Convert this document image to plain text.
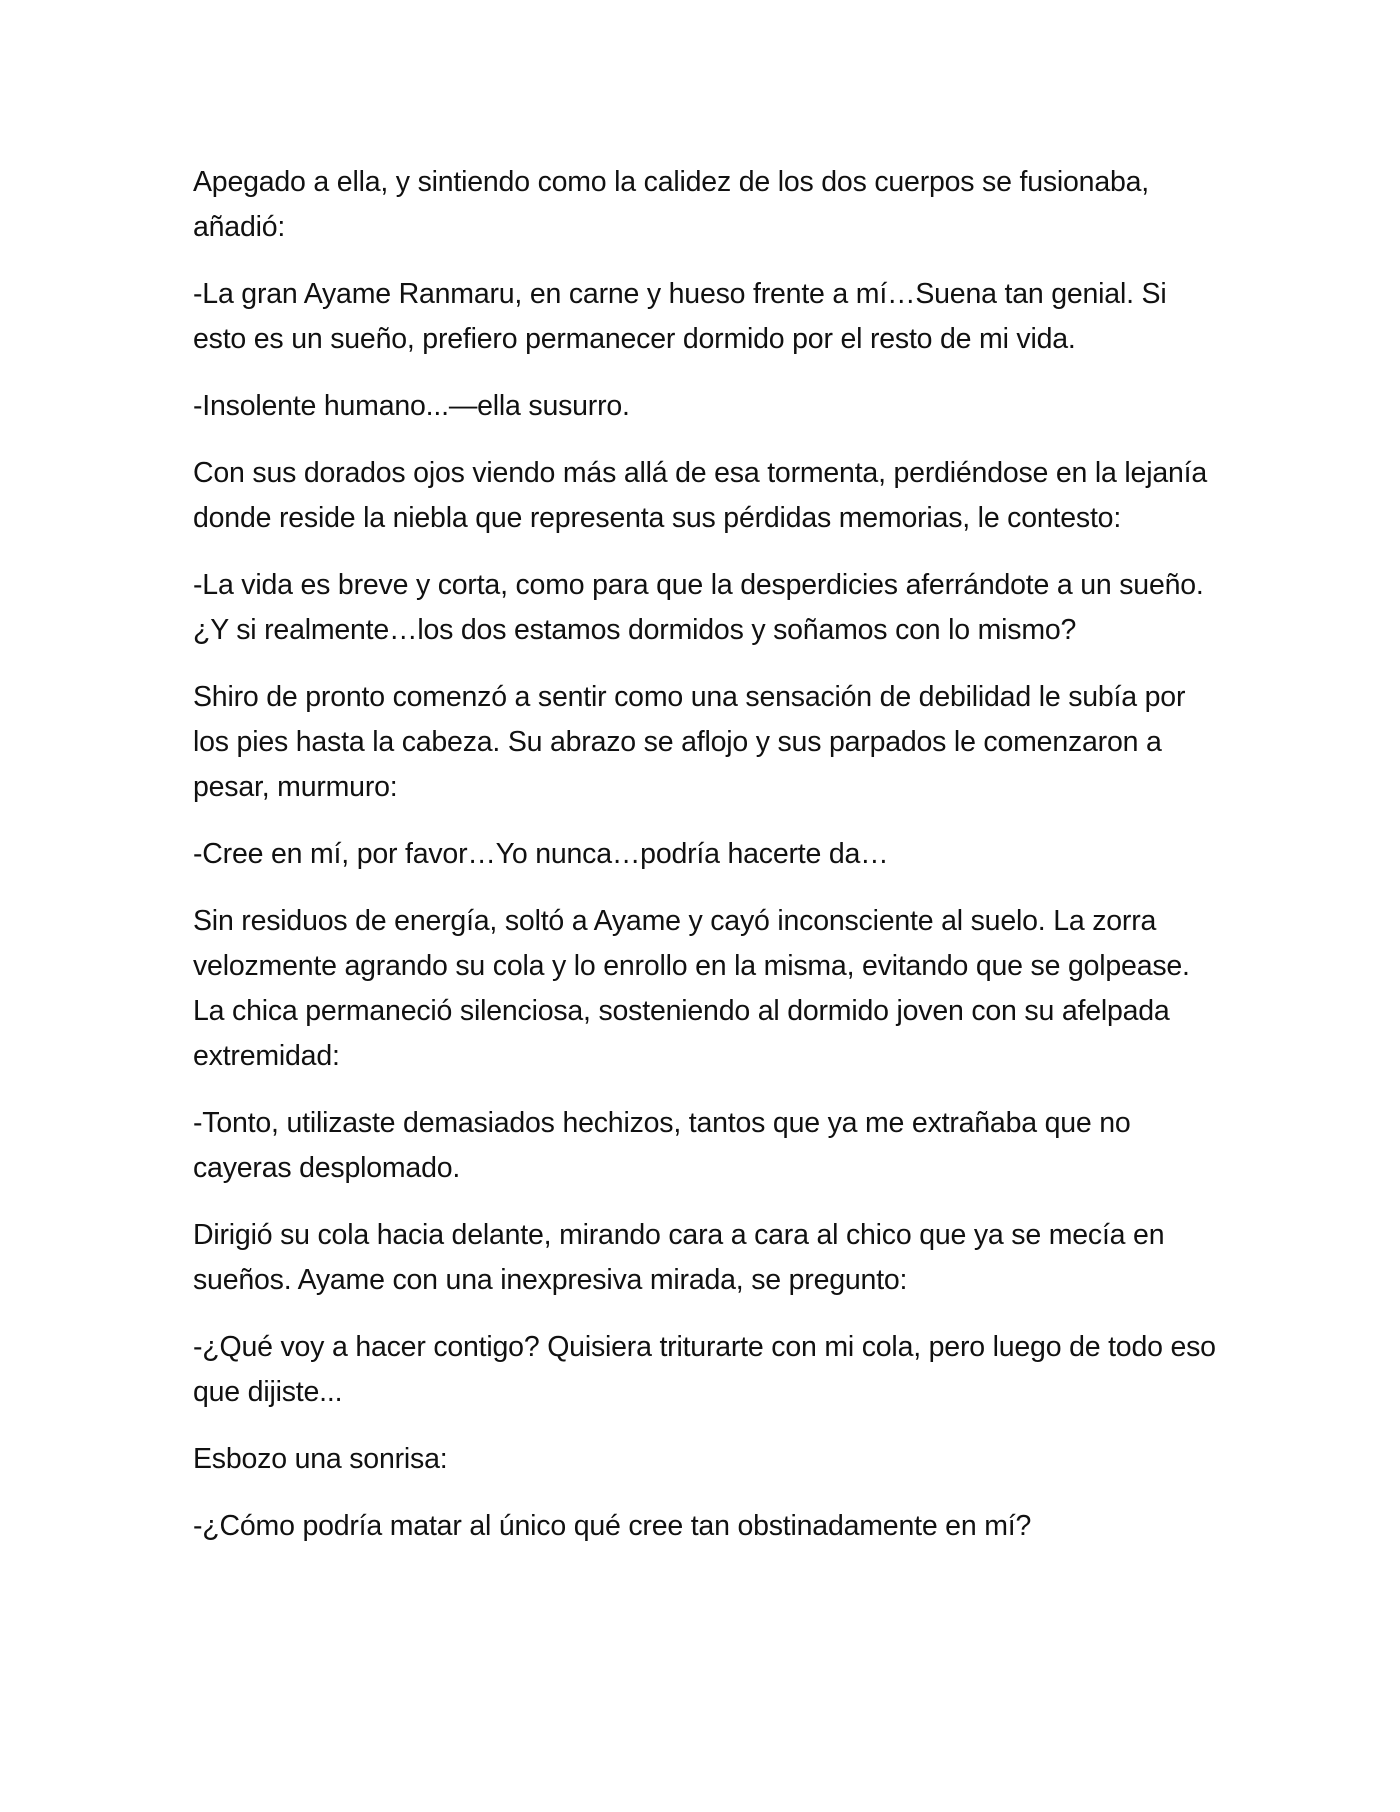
Apegado a ella, y sintiendo como la calidez de los dos cuerpos se fusionaba, añadió:

-La gran Ayame Ranmaru, en carne y hueso frente a mí…Suena tan genial. Si esto es un sueño, prefiero permanecer dormido por el resto de mi vida.

-Insolente humano...—ella susurro.

Con sus dorados ojos viendo más allá de esa tormenta, perdiéndose en la lejanía donde reside la niebla que representa sus pérdidas memorias, le contesto:

-La vida es breve y corta, como para que la desperdicies aferrándote a un sueño. ¿Y si realmente…los dos estamos dormidos y soñamos con lo mismo?

Shiro de pronto comenzó a sentir como una sensación de debilidad le subía por los pies hasta la cabeza. Su abrazo se aflojo y sus parpados le comenzaron a pesar, murmuro:

-Cree en mí, por favor…Yo nunca…podría hacerte da…

Sin residuos de energía, soltó a Ayame y cayó inconsciente al suelo. La zorra velozmente agrando su cola y lo enrollo en la misma, evitando que se golpease. La chica permaneció silenciosa, sosteniendo al dormido joven con su afelpada extremidad:

-Tonto, utilizaste demasiados hechizos, tantos que ya me extrañaba que no cayeras desplomado.

Dirigió su cola hacia delante, mirando cara a cara al chico que ya se mecía en sueños. Ayame con una inexpresiva mirada, se pregunto:

-¿Qué voy a hacer contigo? Quisiera triturarte con mi cola, pero luego de todo eso que dijiste...

Esbozo una sonrisa:

-¿Cómo podría matar al único qué cree tan obstinadamente en mí?
